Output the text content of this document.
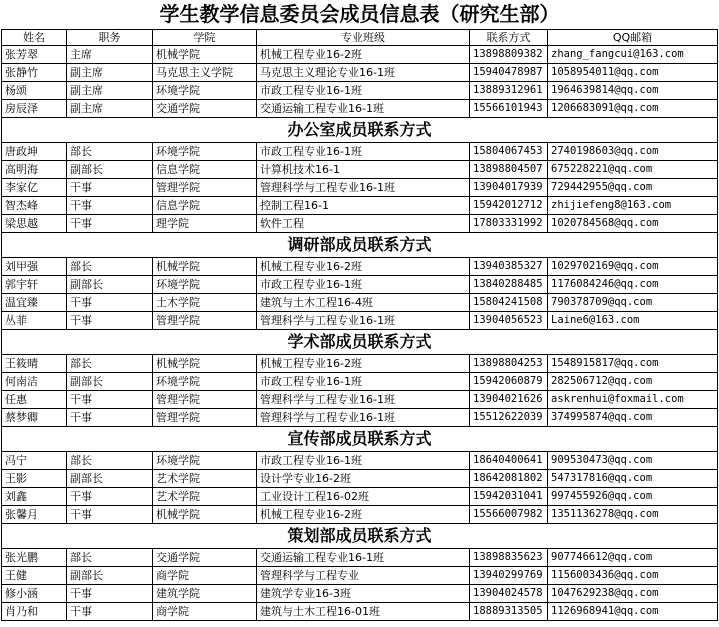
学生教学信息委员会成员信息表（研究生部）					
姓名	职务	学院	专业班级	联系方式	QQ邮箱
张芳翠	主席	机械学院	机械工程专业16-2班	13898809382	zhang_fangcui@163.com
张静竹	副主席	马克思主义学院	马克思主义理论专业16-1班	15940478987	1058954011@qq.com
杨颂	副主席	环境学院	市政工程专业16-1班	13889312961	1964639814@qq.com
房辰泽	副主席	交通学院	交通运输工程专业16-1班	15566101943	1206683091@qq.com
办公室成员联系方式					
唐政坤	部长	环境学院	市政工程专业16-1班	15804067453	2740198603@qq.com
高明海	副部长	信息学院	计算机技术16-1	13898804507	675228221@qq.com
李家亿	干事	管理学院	管理科学与工程专业16-1班	13904017939	729442955@qq.com
智杰峰	干事	信息学院	控制工程16-1	15942012712	zhijiefeng8@163.com
梁思越	干事	理学院	软件工程	17803331992	1020784568@qq.com
调研部成员联系方式					
刘甲强	部长	机械学院	机械工程专业16-2班	13940385327	1029702169@qq.com
郭宇轩	副部长	环境学院	市政工程专业16-1班	13840288485	1176084246@qq.com
温宜臻	干事	土木学院	建筑与土木工程16-4班	15804241508	790378709@qq.com
丛菲	干事	管理学院	管理科学与工程专业16-1班	13904056523	Laine6@163.com
学术部成员联系方式					
王筱晴	部长	机械学院	机械工程专业16-2班	13898804253	1548915817@qq.com
何南洁	副部长	环境学院	市政工程专业16-1班	15942060879	282506712@qq.com
任惠	干事	管理学院	管理科学与工程专业16-1班	13904021626	askrenhui@foxmail.com
蔡梦卿	干事	管理学院	管理科学与工程专业16-1班	15512622039	374995874@qq.com
宣传部成员联系方式					
冯宁	部长	环境学院	市政工程专业16-1班	18640400641	909530473@qq.com
王影	副部长	艺术学院	设计学专业16-2班	18642081802	547317816@qq.com
刘鑫	干事	艺术学院	工业设计工程16-02班	15942031041	997455926@qq.com
张馨月	干事	机械学院	机械工程专业16-2班	15566007982	1351136278@qq.com
策划部成员联系方式					
张光鹏	部长	交通学院	交通运输工程专业16-1班	13898835623	907746612@qq.com
王健	副部长	商学院	管理科学与工程专业	13940299769	1156003436@qq.com
修小涵	干事	建筑学院	建筑学专业16-3班	13904024578	1047629238@qq.com
肖乃和	干事	商学院	建筑与土木工程16-01班	18889313505	1126968941@qq.com
